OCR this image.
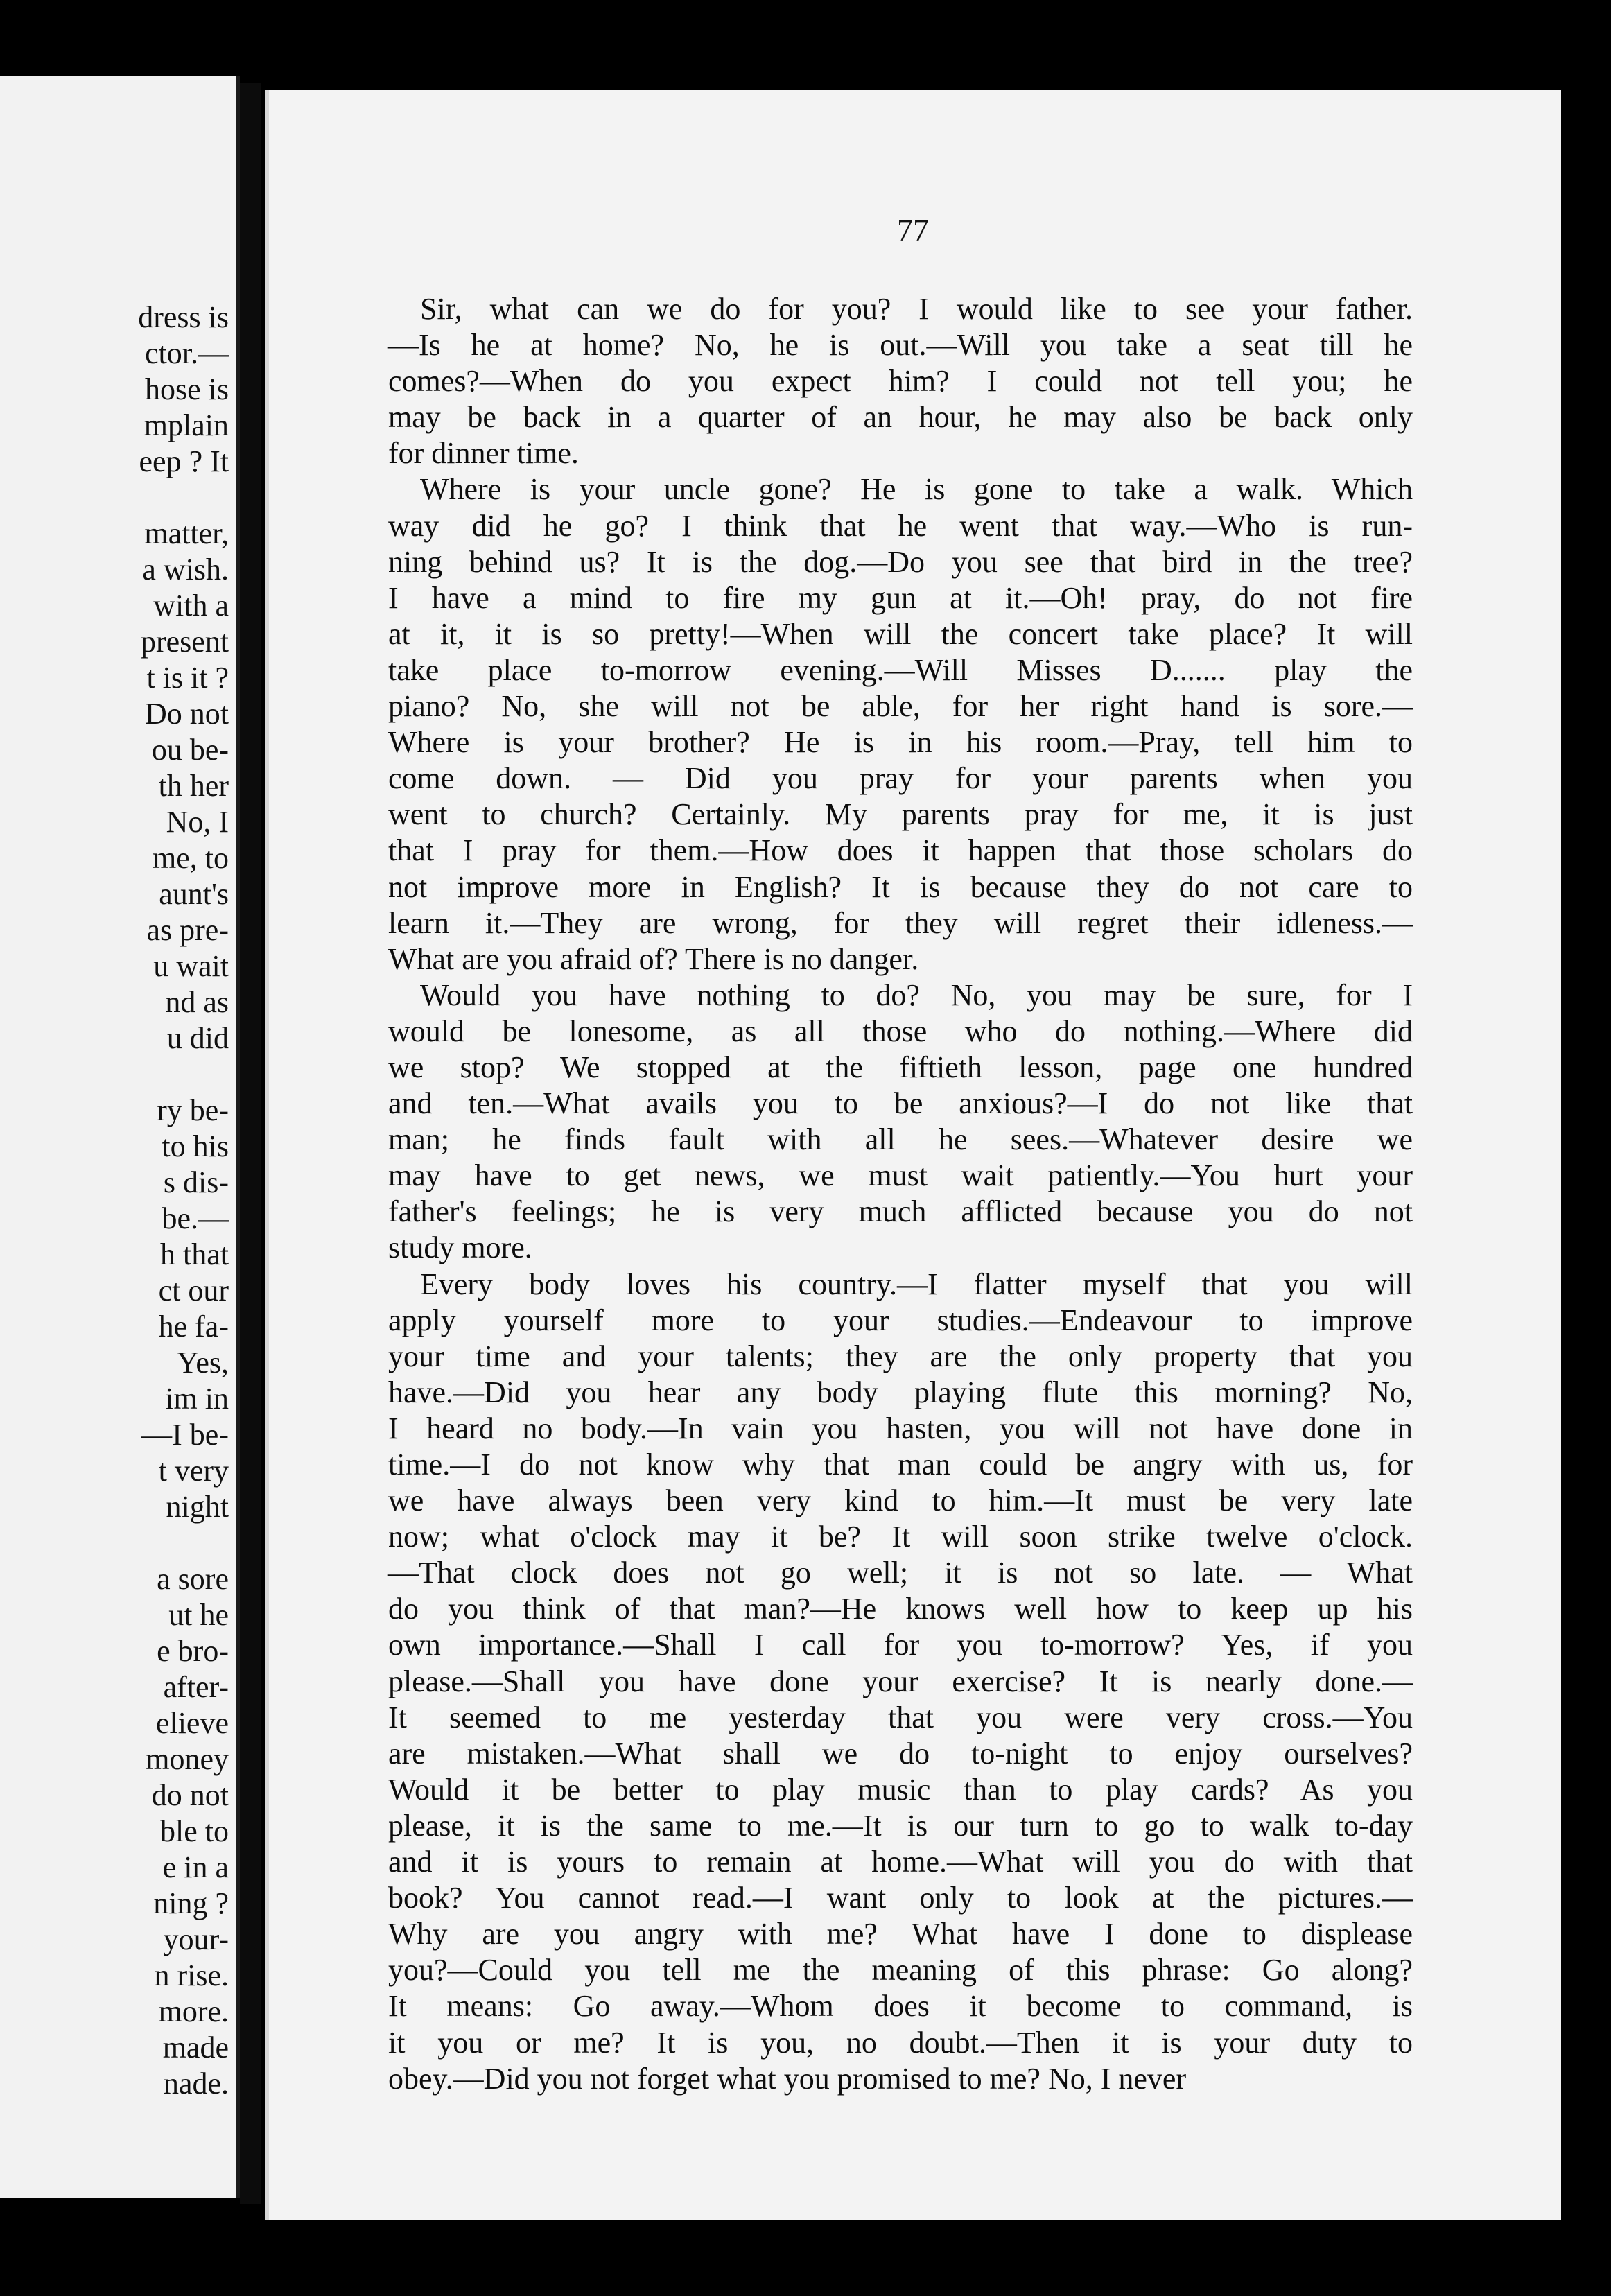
dress is
ctor.—
hose is
mplain
eep ? It

matter,
a wish.
with a
present
t is it ?
Do not
ou be-
th her
No, I
me, to
aunt's
as pre-
u wait
nd as
u did

ry be-
to his
s dis-
be.—
h that
ct our
he fa-
Yes,
im in
—I be-
t very
night

a sore
ut he
e bro-
after-
elieve
money
do not
ble to
e in a
ning ?
your-
n rise.
more.
made
nade.
77
Sir, what can we do for you? I would like to see your father.
—Is he at home? No, he is out.—Will you take a seat till he
comes?—When do you expect him? I could not tell you; he
may be back in a quarter of an hour, he may also be back only
for dinner time.
Where is your uncle gone? He is gone to take a walk. Which
way did he go? I think that he went that way.—Who is run-
ning behind us? It is the dog.—Do you see that bird in the tree?
I have a mind to fire my gun at it.—Oh! pray, do not fire
at it, it is so pretty!—When will the concert take place? It will
take place to-morrow evening.—Will Misses D....... play the
piano? No, she will not be able, for her right hand is sore.—
Where is your brother? He is in his room.—Pray, tell him to
come down. — Did you pray for your parents when you
went to church? Certainly. My parents pray for me, it is just
that I pray for them.—How does it happen that those scholars do
not improve more in English? It is because they do not care to
learn it.—They are wrong, for they will regret their idleness.—
What are you afraid of? There is no danger.
Would you have nothing to do? No, you may be sure, for I
would be lonesome, as all those who do nothing.—Where did
we stop? We stopped at the fiftieth lesson, page one hundred
and ten.—What avails you to be anxious?—I do not like that
man; he finds fault with all he sees.—Whatever desire we
may have to get news, we must wait patiently.—You hurt your
father's feelings; he is very much afflicted because you do not
study more.
Every body loves his country.—I flatter myself that you will
apply yourself more to your studies.—Endeavour to improve
your time and your talents; they are the only property that you
have.—Did you hear any body playing flute this morning? No,
I heard no body.—In vain you hasten, you will not have done in
time.—I do not know why that man could be angry with us, for
we have always been very kind to him.—It must be very late
now; what o'clock may it be? It will soon strike twelve o'clock.
—That clock does not go well; it is not so late. — What
do you think of that man?—He knows well how to keep up his
own importance.—Shall I call for you to-morrow? Yes, if you
please.—Shall you have done your exercise? It is nearly done.—
It seemed to me yesterday that you were very cross.—You
are mistaken.—What shall we do to-night to enjoy ourselves?
Would it be better to play music than to play cards? As you
please, it is the same to me.—It is our turn to go to walk to-day
and it is yours to remain at home.—What will you do with that
book? You cannot read.—I want only to look at the pictures.—
Why are you angry with me? What have I done to displease
you?—Could you tell me the meaning of this phrase: Go along?
It means: Go away.—Whom does it become to command, is
it you or me? It is you, no doubt.—Then it is your duty to
obey.—Did you not forget what you promised to me? No, I never
